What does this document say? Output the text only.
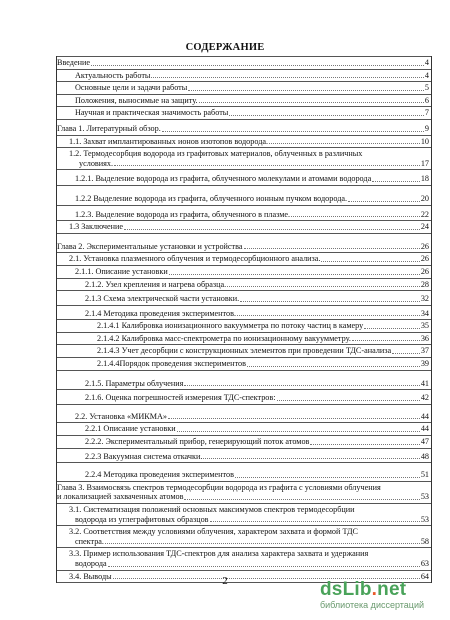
СОДЕРЖАНИЕ
Введение	4
Актуальность работы	4
Основные цели и задачи работы	5
Положения, выносимые на защиту.	6
Научная и практическая значимость работы	7
Глава 1. Литературный обзор.	9
1.1. Захват имплантированных ионов изотопов водорода.	10
1.2. Термодесорбция водорода из графитовых материалов, облученных в различных
условиях.	17
1.2.1. Выделение водорода из графита, облученного молекулами и атомами водорода	18
1.2.2 Выделение водорода из графита, облученного ионным пучком водорода.	20
1.2.3. Выделение водорода из графита, облученного в плазме.	22
1.3 Заключение	24
Глава 2. Экспериментальные установки и устройства	26
2.1. Установка плазменного облучения и термодесорбционного анализа.	26
2.1.1. Описание установки	26
2.1.2. Узел крепления и нагрева образца.	28
2.1.3 Схема электрической части установки.	32
2.1.4 Методика проведения экспериментов.	34
2.1.4.1 Калибровка ионизационного вакуумметра по потоку частиц в камеру	35
2.1.4.2 Калибровка масс-спектрометра по ионизационному вакуумметру.	36
2.1.4.3 Учет десорбции с конструкционных элементов при проведении ТДС-анализа	37
2.1.4.4Порядок проведения экспериментов	39
2.1.5. Параметры облучения	41
2.1.6. Оценка погрешностей измерения ТДС-спектров:	42
2.2. Установка «МИКМА»	44
2.2.1 Описание установки	44
2.2.2. Экспериментальный прибор, генерирующий поток атомов	47
2.2.3 Вакуумная система откачки.	48
2.2.4 Методика проведения экспериментов	51
Глава 3. Взаимосвязь спектров термодесорбции водорода из графита с условиями облучения
и локализацией захваченных атомов	53
3.1. Систематизация положений основных максимумов спектров термодесорбции
водорода из углеграфитовых образцов	53
3.2. Соответствия между условиями облучения, характером захвата и формой ТДС
спектра.	58
3.3. Пример использования ТДС-спектров для анализа характера захвата и удержания
водорода	63
3.4. Выводы	64
2	dsLib.net
библиотека диссертаций
